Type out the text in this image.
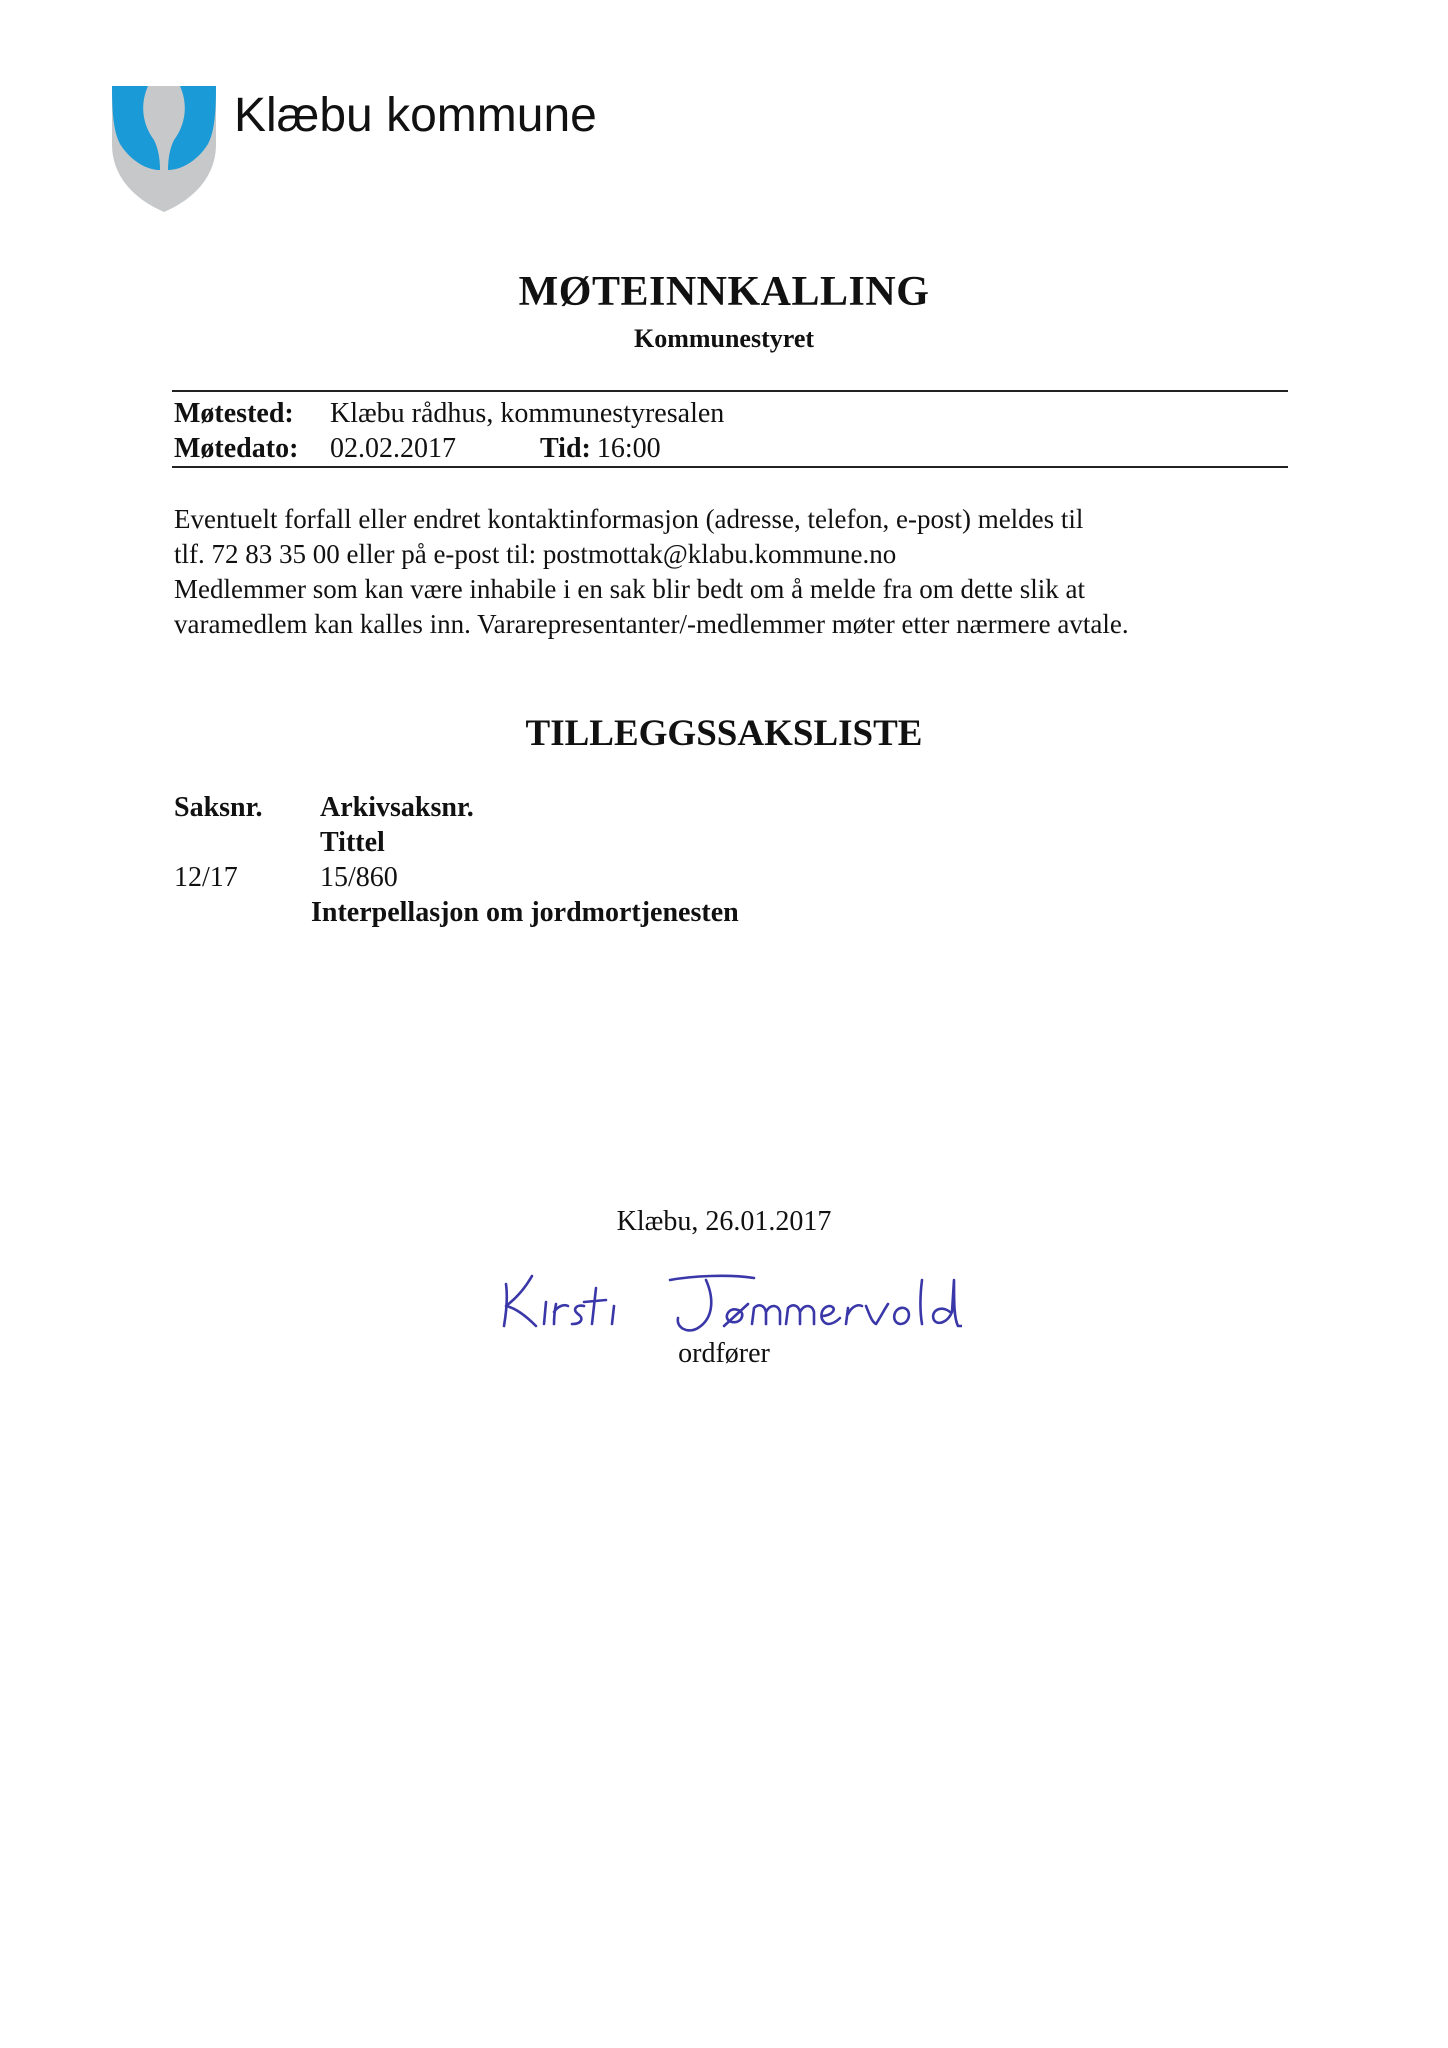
Klæbu kommune
MØTEINNKALLING
Kommunestyret
Møtested: Klæbu rådhus, kommunestyresalen
Møtedato: 02.02.2017	Tid: 16:00
Eventuelt forfall eller endret kontaktinformasjon (adresse, telefon, e-post) meldes til
tlf. 72 83 35 00 eller på e-post til: postmottak@klabu.kommune.no
Medlemmer som kan være inhabile i en sak blir bedt om å melde fra om dette slik at
varamedlem kan kalles inn. Vararepresentanter/-medlemmer møter etter nærmere avtale.
TILLEGGSSAKSLISTE
Saksnr. Arkivsaksnr.
Tittel
12/17	15/860
Interpellasjon om jordmortjenesten
Klæbu, 26.01.2017
ordfører
